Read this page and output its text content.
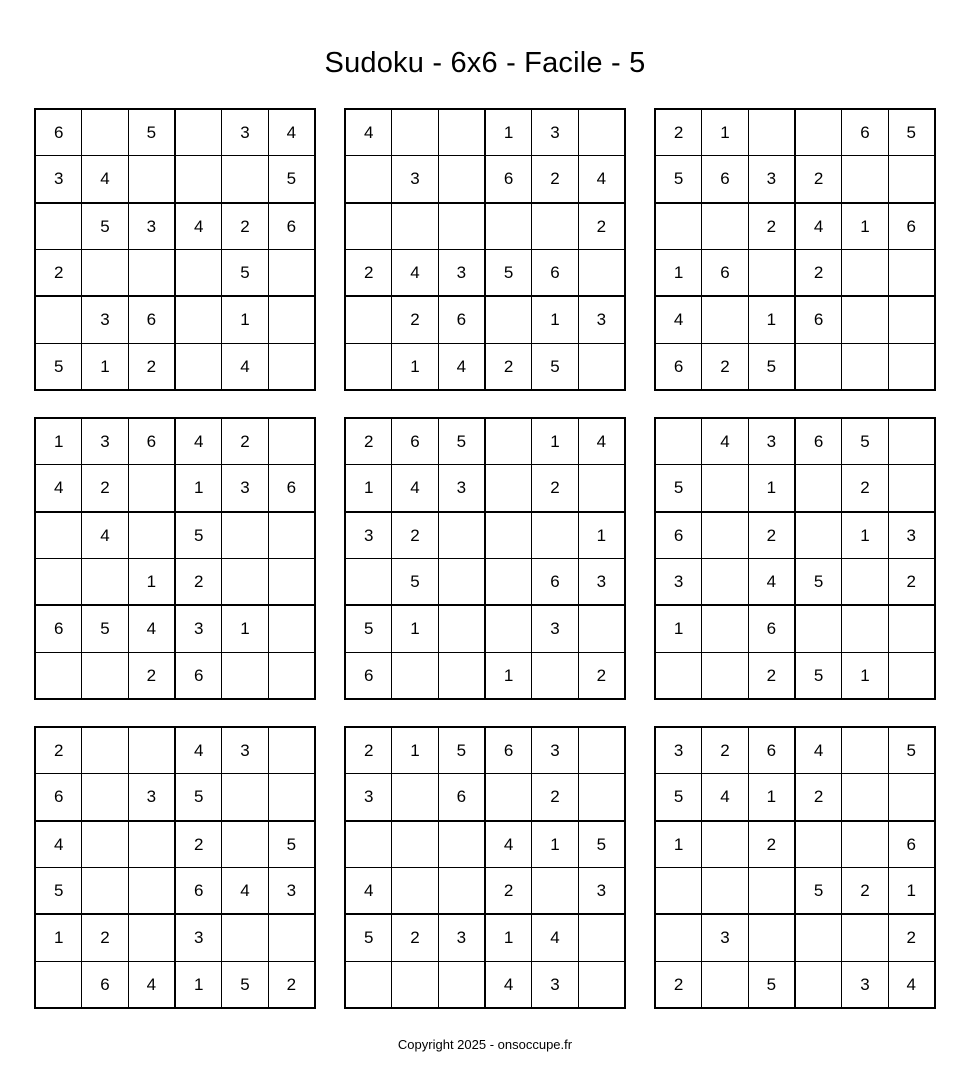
Sudoku - 6x6 - Facile - 5
6		5		3	4
3	4				5
	5	3	4	2	6
2				5	
	3	6		1	
5	1	2		4	
4			1	3	
	3		6	2	4
					2
2	4	3	5	6	
	2	6		1	3
	1	4	2	5	
2	1			6	5
5	6	3	2		
		2	4	1	6
1	6		2		
4		1	6		
6	2	5			
1	3	6	4	2	
4	2		1	3	6
	4		5		
		1	2		
6	5	4	3	1	
		2	6		
2	6	5		1	4
1	4	3		2	
3	2				1
	5			6	3
5	1			3	
6			1		2
	4	3	6	5	
5		1		2	
6		2		1	3
3		4	5		2
1		6			
		2	5	1	
2			4	3	
6		3	5		
4			2		5
5			6	4	3
1	2		3		
	6	4	1	5	2
2	1	5	6	3	
3		6		2	
			4	1	5
4			2		3
5	2	3	1	4	
			4	3	
3	2	6	4		5
5	4	1	2		
1		2			6
			5	2	1
	3				2
2		5		3	4
Copyright 2025 - onsoccupe.fr
